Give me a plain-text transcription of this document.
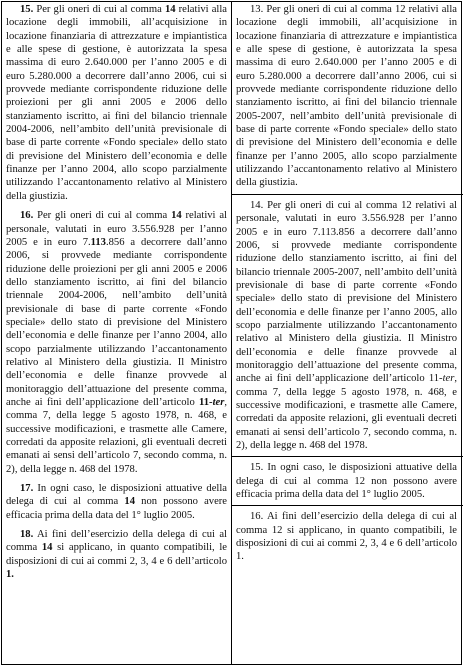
15. Per gli oneri di cui al comma 14 relativi alla locazione degli immobili, all’acquisizione in locazione finanziaria di attrezzature e impiantistica e alle spese di gestione, è autorizzata la spesa massima di euro 2.640.000 per l’anno 2005 e di euro 5.280.000 a decorrere dall’anno 2006, cui si provvede mediante corrispondente riduzione delle proiezioni per gli anni 2005 e 2006 dello stanziamento iscritto, ai fini del bilancio triennale 2004-2006, nell’ambito dell’unità previsionale di base di parte corrente «Fondo speciale» dello stato di previsione del Ministero dell’economia e delle finanze per l’anno 2004, allo scopo parzialmente utilizzando l’accantonamento relativo al Ministero della giustizia.

16. Per gli oneri di cui al comma 14 relativi al personale, valutati in euro 3.556.928 per l’anno 2005 e in euro 7.113.856 a decorrere dall’anno 2006, si provvede mediante corrispondente riduzione delle proiezioni per gli anni 2005 e 2006 dello stanziamento iscritto, ai fini del bilancio triennale 2004-2006, nell’ambito dell’unità previsionale di base di parte corrente «Fondo speciale» dello stato di previsione del Ministero dell’economia e delle finanze per l’anno 2004, allo scopo parzialmente utilizzando l’accantonamento relativo al Ministero della giustizia. Il Ministro dell’economia e delle finanze provvede al monitoraggio dell’attuazione del presente comma, anche ai fini dell’applicazione dell’articolo 11-ter, comma 7, della legge 5 agosto 1978, n. 468, e successive modificazioni, e trasmette alle Camere, corredati da apposite relazioni, gli eventuali decreti emanati ai sensi dell’articolo 7, secondo comma, n. 2), della legge n. 468 del 1978.

17. In ogni caso, le disposizioni attuative della delega di cui al comma 14 non possono avere efficacia prima della data del 1° luglio 2005.

18. Ai fini dell’esercizio della delega di cui al comma 14 si applicano, in quanto compatibili, le disposizioni di cui ai commi 2, 3, 4 e 6 dell’articolo 1.

13. Per gli oneri di cui al comma 12 relativi alla locazione degli immobili, all’acquisizione in locazione finanziaria di attrezzature e impiantistica e alle spese di gestione, è autorizzata la spesa massima di euro 2.640.000 per l’anno 2005 e di euro 5.280.000 a decorrere dall’anno 2006, cui si provvede mediante corrispondente riduzione dello stanziamento iscritto, ai fini del bilancio triennale 2005-2007, nell’ambito dell’unità previsionale di base di parte corrente «Fondo speciale» dello stato di previsione del Ministero dell’economia e delle finanze per l’anno 2005, allo scopo parzialmente utilizzando l’accantonamento relativo al Ministero della giustizia.

14. Per gli oneri di cui al comma 12 relativi al personale, valutati in euro 3.556.928 per l’anno 2005 e in euro 7.113.856 a decorrere dall’anno 2006, si provvede mediante corrispondente riduzione dello stanziamento iscritto, ai fini del bilancio triennale 2005-2007, nell’ambito dell’unità previsionale di base di parte corrente «Fondo speciale» dello stato di previsione del Ministero dell’economia e delle finanze per l’anno 2005, allo scopo parzialmente utilizzando l’accantonamento relativo al Ministero della giustizia. Il Ministro dell’economia e delle finanze provvede al monitoraggio dell’attuazione del presente comma, anche ai fini dell’applicazione dell’articolo 11-ter, comma 7, della legge 5 agosto 1978, n. 468, e successive modificazioni, e trasmette alle Camere, corredati da apposite relazioni, gli eventuali decreti emanati ai sensi dell’articolo 7, secondo comma, n. 2), della legge n. 468 del 1978.

15. In ogni caso, le disposizioni attuative della delega di cui al comma 12 non possono avere efficacia prima della data del 1° luglio 2005.

16. Ai fini dell’esercizio della delega di cui al comma 12 si applicano, in quanto compatibili, le disposizioni di cui ai commi 2, 3, 4 e 6 dell’articolo 1.
